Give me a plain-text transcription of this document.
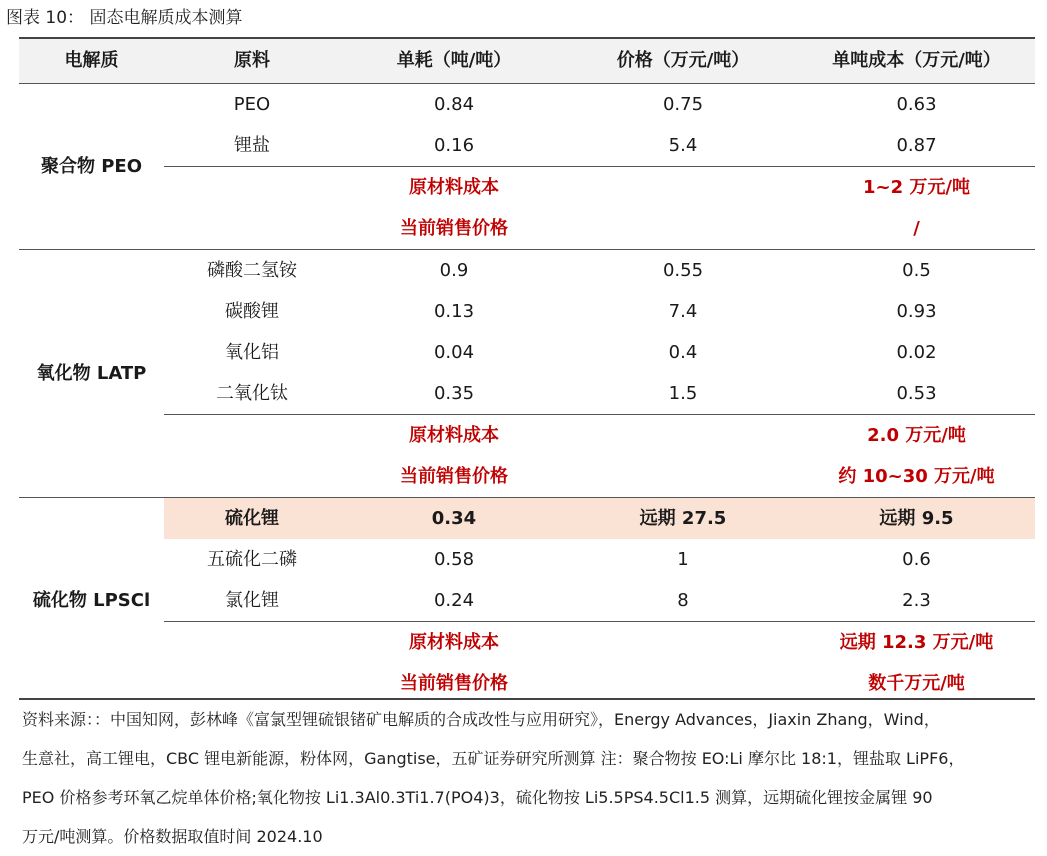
图表 10： 固态电解质成本测算
电解质	原料	单耗（吨/吨）	价格（万元/吨）	单吨成本（万元/吨）
聚合物 PEO	PEO	0.84	0.75	0.63
	锂盐	0.16	5.4	0.87
		原材料成本		1~2 万元/吨
		当前销售价格		/
氧化物 LATP	磷酸二氢铵	0.9	0.55	0.5
	碳酸锂	0.13	7.4	0.93
	氧化铝	0.04	0.4	0.02
	二氧化钛	0.35	1.5	0.53
		原材料成本		2.0 万元/吨
		当前销售价格		约 10~30 万元/吨
硫化物 LPSCl	硫化锂	0.34	远期 27.5	远期 9.5
	五硫化二磷	0.58	1	0.6
	氯化锂	0.24	8	2.3
		原材料成本		远期 12.3 万元/吨
		当前销售价格		数千万元/吨
资料来源：：中国知网，彭林峰《富氯型锂硫银锗矿电解质的合成改性与应用研究》，Energy Advances，Jiaxin Zhang，Wind，
生意社，高工锂电，CBC 锂电新能源，粉体网，Gangtise，五矿证券研究所测算 注：聚合物按 EO:Li 摩尔比 18:1，锂盐取 LiPF6，
PEO 价格参考环氧乙烷单体价格;氧化物按 Li1.3Al0.3Ti1.7(PO4)3，硫化物按 Li5.5PS4.5Cl1.5 测算，远期硫化锂按金属锂 90
万元/吨测算。价格数据取值时间 2024.10
